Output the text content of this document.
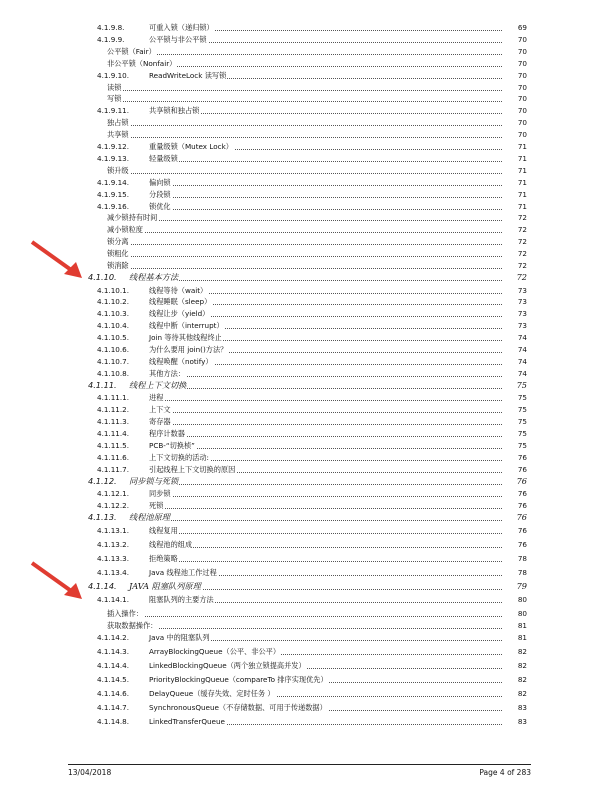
4.1.9.8.	可重入锁（递归锁）	69
4.1.9.9.	公平锁与非公平锁	70
公平锁（Fair）	70
非公平锁（Nonfair）	70
4.1.9.10.	ReadWriteLock 读写锁	70
读锁	70
写锁	70
4.1.9.11.	共享锁和独占锁	70
独占锁	70
共享锁	70
4.1.9.12.	重量级锁（Mutex Lock）	71
4.1.9.13.	轻量级锁	71
锁升级	71
4.1.9.14.	偏向锁	71
4.1.9.15.	分段锁	71
4.1.9.16.	锁优化	71
减少锁持有时间	72
减小锁粒度	72
锁分离	72
锁粗化	72
锁消除	72
4.1.10. 线程基本方法	72
4.1.10.1.	线程等待（wait）	73
4.1.10.2.	线程睡眠（sleep）	73
4.1.10.3.	线程让步（yield）	73
4.1.10.4.	线程中断（interrupt）	73
4.1.10.5.	Join 等待其他线程终止	74
4.1.10.6.	为什么要用 join()方法？	74
4.1.10.7.	线程唤醒（notify）	74
4.1.10.8.	其他方法：	74
4.1.11. 线程上下文切换	75
4.1.11.1.	进程	75
4.1.11.2.	上下文	75
4.1.11.3.	寄存器	75
4.1.11.4.	程序计数器	75
4.1.11.5.	PCB-“切换桢”	75
4.1.11.6.	上下文切换的活动:	76
4.1.11.7.	引起线程上下文切换的原因	76
4.1.12. 同步锁与死锁	76
4.1.12.1.	同步锁	76
4.1.12.2.	死锁	76
4.1.13. 线程池原理	76
4.1.13.1.	线程复用	76
4.1.13.2.	线程池的组成	76
4.1.13.3.	拒绝策略	78
4.1.13.4.	Java 线程池工作过程	78
4.1.14. JAVA 阻塞队列原理	79
4.1.14.1.	阻塞队列的主要方法	80
插入操作：	80
获取数据操作：	81
4.1.14.2.	Java 中的阻塞队列	81
4.1.14.3.	ArrayBlockingQueue（公平、非公平）	82
4.1.14.4.	LinkedBlockingQueue（两个独立锁提高并发）	82
4.1.14.5.	PriorityBlockingQueue（compareTo 排序实现优先）	82
4.1.14.6.	DelayQueue（缓存失效、定时任务 ）	82
4.1.14.7.	SynchronousQueue（不存储数据、可用于传递数据）	83
4.1.14.8.	LinkedTransferQueue	83
13/04/2018	Page 4 of 283
